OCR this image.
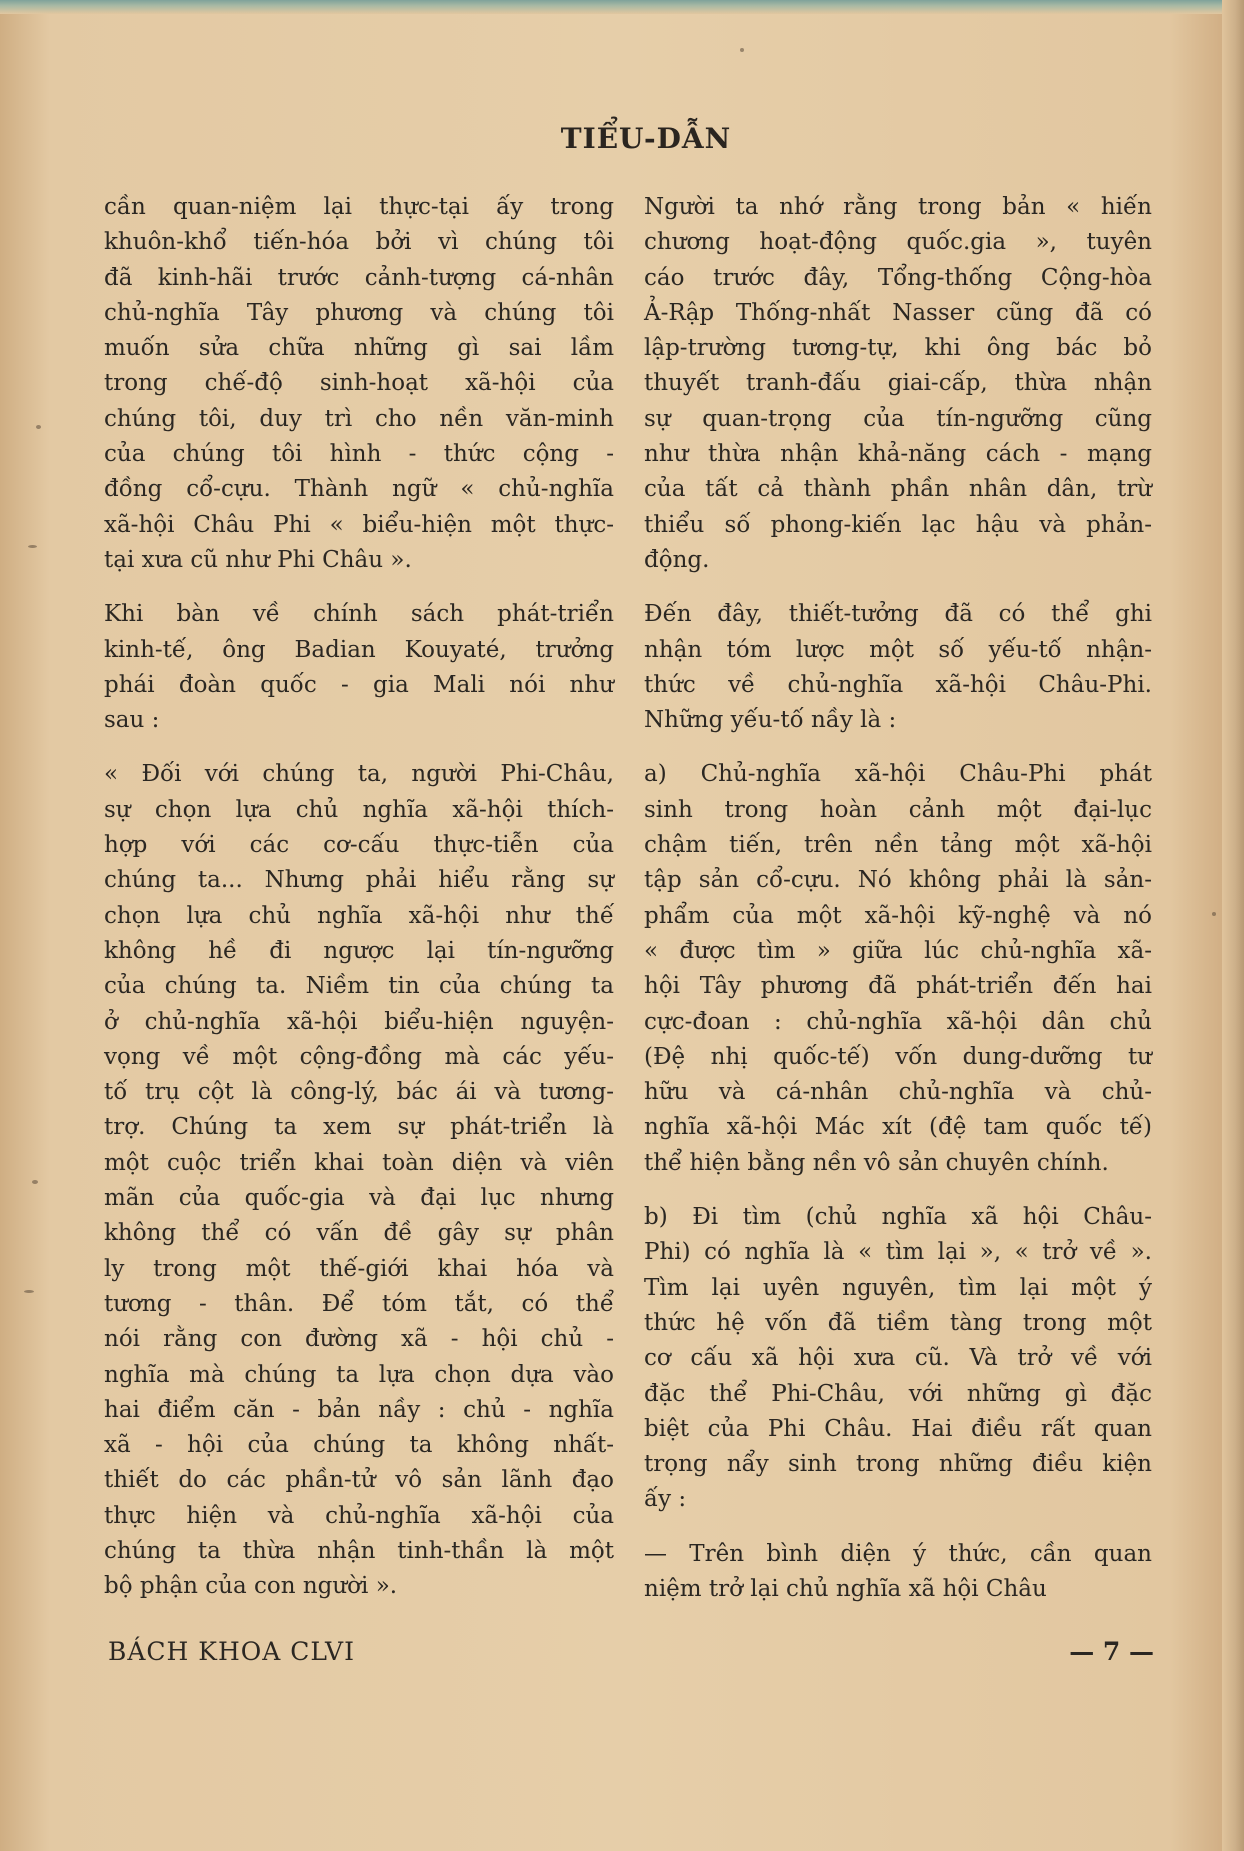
TIỂU-DẪN
cần quan-niệm lại thực-tại ấy trong
khuôn-khổ tiến-hóa bởi vì chúng tôi
đã kinh-hãi trước cảnh-tượng cá-nhân
chủ-nghĩa Tây phương và chúng tôi
muốn sửa chữa những gì sai lầm
trong chế-độ sinh-hoạt xã-hội của
chúng tôi, duy trì cho nền văn-minh
của chúng tôi hình - thức cộng -
đồng cổ-cựu. Thành ngữ « chủ-nghĩa
xã-hội Châu Phi « biểu-hiện một thực-
tại xưa cũ như Phi Châu ».
Khi bàn về chính sách phát-triển
kinh-tế, ông Badian Kouyaté, trưởng
phái đoàn quốc - gia Mali nói như
sau :
« Đối với chúng ta, người Phi-Châu,
sự chọn lựa chủ nghĩa xã-hội thích-
hợp với các cơ-cấu thực-tiễn của
chúng ta... Nhưng phải hiểu rằng sự
chọn lựa chủ nghĩa xã-hội như thế
không hề đi ngược lại tín-ngưỡng
của chúng ta. Niềm tin của chúng ta
ở chủ-nghĩa xã-hội biểu-hiện nguyện-
vọng về một cộng-đồng mà các yếu-
tố trụ cột là công-lý, bác ái và tương-
trợ. Chúng ta xem sự phát-triển là
một cuộc triển khai toàn diện và viên
mãn của quốc-gia và đại lục nhưng
không thể có vấn đề gây sự phân
ly trong một thế-giới khai hóa và
tương - thân. Để tóm tắt, có thể
nói rằng con đường xã - hội chủ -
nghĩa mà chúng ta lựa chọn dựa vào
hai điểm căn - bản nầy : chủ - nghĩa
xã - hội của chúng ta không nhất-
thiết do các phần-tử vô sản lãnh đạo
thực hiện và chủ-nghĩa xã-hội của
chúng ta thừa nhận tinh-thần là một
bộ phận của con người ».
Người ta nhớ rằng trong bản « hiến
chương hoạt-động quốc.gia », tuyên
cáo trước đây, Tổng-thống Cộng-hòa
Ả-Rập Thống-nhất Nasser cũng đã có
lập-trường tương-tự, khi ông bác bỏ
thuyết tranh-đấu giai-cấp, thừa nhận
sự quan-trọng của tín-ngưỡng cũng
như thừa nhận khả-năng cách - mạng
của tất cả thành phần nhân dân, trừ
thiểu số phong-kiến lạc hậu và phản-
động.
Đến đây, thiết-tưởng đã có thể ghi
nhận tóm lược một số yếu-tố nhận-
thức về chủ-nghĩa xã-hội Châu-Phi.
Những yếu-tố nầy là :
a) Chủ-nghĩa xã-hội Châu-Phi phát
sinh trong hoàn cảnh một đại-lục
chậm tiến, trên nền tảng một xã-hội
tập sản cổ-cựu. Nó không phải là sản-
phẩm của một xã-hội kỹ-nghệ và nó
« được tìm » giữa lúc chủ-nghĩa xã-
hội Tây phương đã phát-triển đến hai
cực-đoan : chủ-nghĩa xã-hội dân chủ
(Đệ nhị quốc-tế) vốn dung-dưỡng tư
hữu và cá-nhân chủ-nghĩa và chủ-
nghĩa xã-hội Mác xít (đệ tam quốc tế)
thể hiện bằng nền vô sản chuyên chính.
b) Đi tìm (chủ nghĩa xã hội Châu-
Phi) có nghĩa là « tìm lại », « trở về ».
Tìm lại uyên nguyên, tìm lại một ý
thức hệ vốn đã tiềm tàng trong một
cơ cấu xã hội xưa cũ. Và trở về với
đặc thể Phi-Châu, với những gì đặc
biệt của Phi Châu. Hai điều rất quan
trọng nẩy sinh trong những điều kiện
ấy :
— Trên bình diện ý thức, cần quan
niệm trở lại chủ nghĩa xã hội Châu
BÁCH KHOA CLVI	— 7 —
